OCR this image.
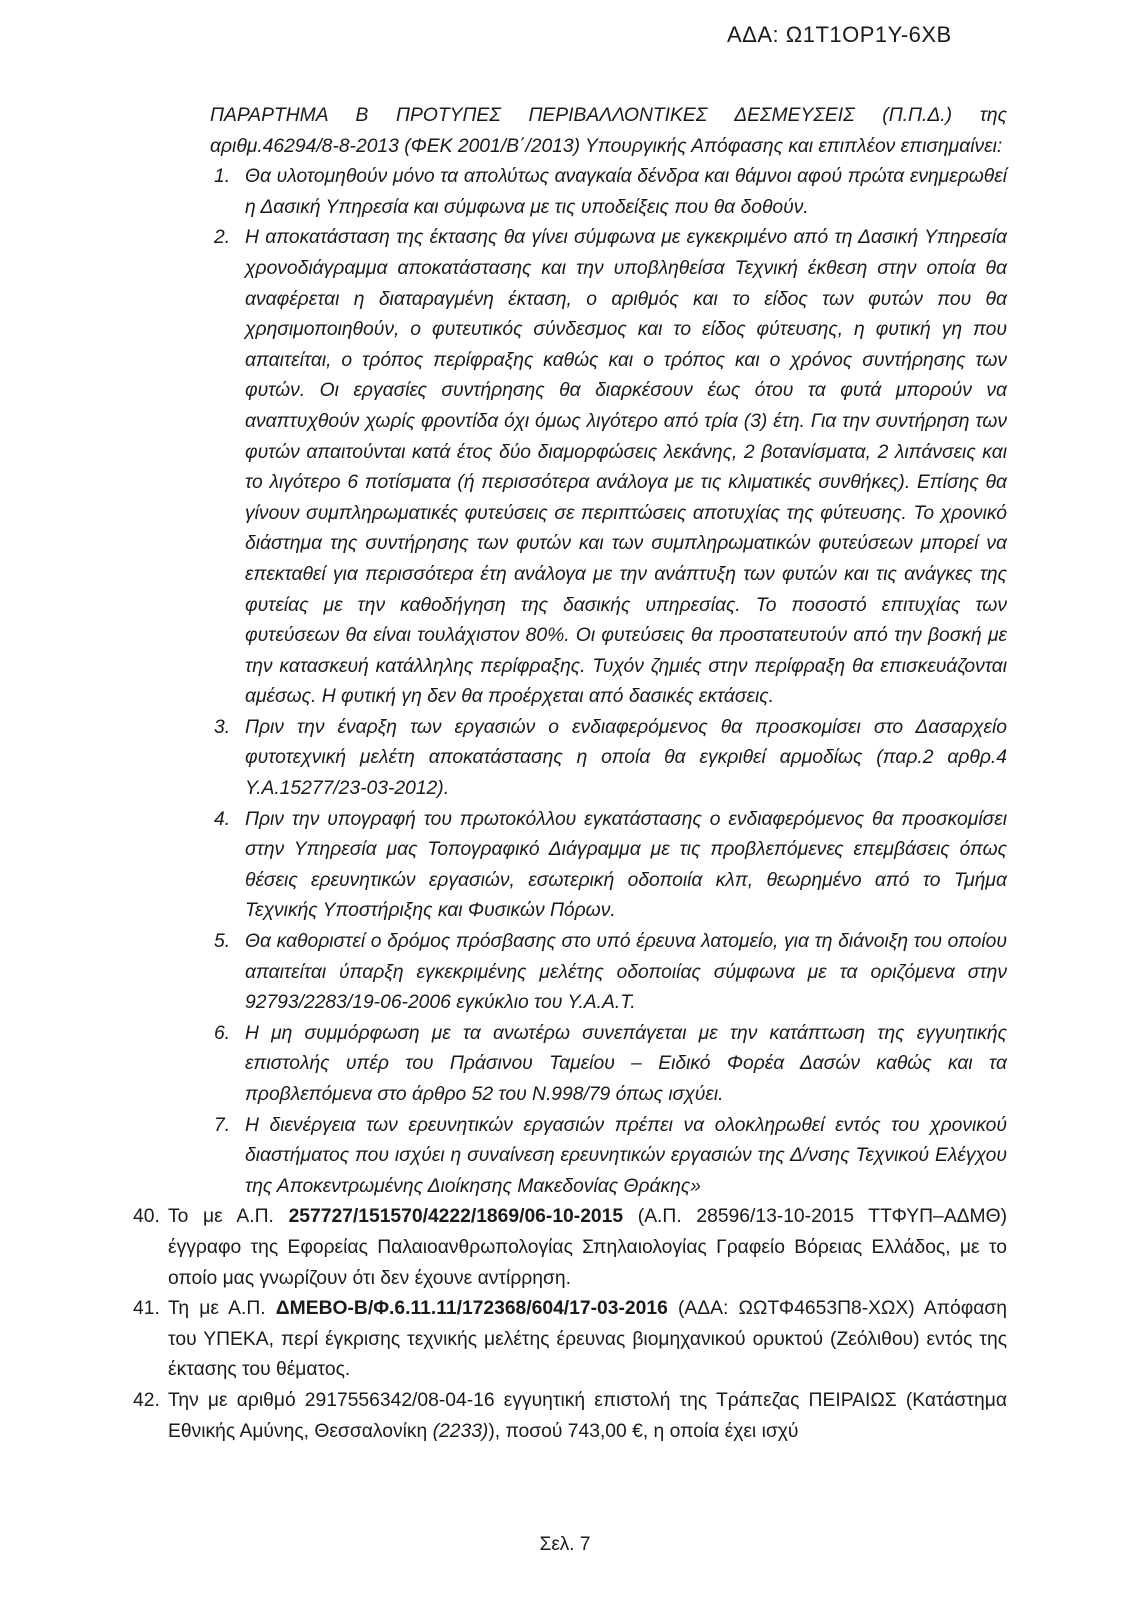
ΑΔΑ: Ω1Τ1ΟΡ1Υ-6ΧΒ

ΠΑΡΑΡΤΗΜΑ Β ΠΡΟΤΥΠΕΣ ΠΕΡΙΒΑΛΛΟΝΤΙΚΕΣ ΔΕΣΜΕΥΣΕΙΣ (Π.Π.Δ.) της αριθμ.46294/8-8-2013 (ΦΕΚ 2001/Β΄/2013) Υπουργικής Απόφασης και επιπλέον επισημαίνει:

1. Θα υλοτομηθούν μόνο τα απολύτως αναγκαία δένδρα και θάμνοι αφού πρώτα ενημερωθεί η Δασική Υπηρεσία και σύμφωνα με τις υποδείξεις που θα δοθούν.
2. Η αποκατάσταση της έκτασης θα γίνει σύμφωνα με εγκεκριμένο από τη Δασική Υπηρεσία χρονοδιάγραμμα αποκατάστασης και την υποβληθείσα Τεχνική έκθεση στην οποία θα αναφέρεται η διαταραγμένη έκταση, ο αριθμός και το είδος των φυτών που θα χρησιμοποιηθούν, ο φυτευτικός σύνδεσμος και το είδος φύτευσης, η φυτική γη που απαιτείται, ο τρόπος περίφραξης καθώς και ο τρόπος και ο χρόνος συντήρησης των φυτών. Οι εργασίες συντήρησης θα διαρκέσουν έως ότου τα φυτά μπορούν να αναπτυχθούν χωρίς φροντίδα όχι όμως λιγότερο από τρία (3) έτη. Για την συντήρηση των φυτών απαιτούνται κατά έτος δύο διαμορφώσεις λεκάνης, 2 βοτανίσματα, 2 λιπάνσεις και το λιγότερο 6 ποτίσματα (ή περισσότερα ανάλογα με τις κλιματικές συνθήκες). Επίσης θα γίνουν συμπληρωματικές φυτεύσεις σε περιπτώσεις αποτυχίας της φύτευσης. Το χρονικό διάστημα της συντήρησης των φυτών και των συμπληρωματικών φυτεύσεων μπορεί να επεκταθεί για περισσότερα έτη ανάλογα με την ανάπτυξη των φυτών και τις ανάγκες της φυτείας με την καθοδήγηση της δασικής υπηρεσίας. Το ποσοστό επιτυχίας των φυτεύσεων θα είναι τουλάχιστον 80%. Οι φυτεύσεις θα προστατευτούν από την βοσκή με την κατασκευή κατάλληλης περίφραξης. Τυχόν ζημιές στην περίφραξη θα επισκευάζονται αμέσως. Η φυτική γη δεν θα προέρχεται από δασικές εκτάσεις.
3. Πριν την έναρξη των εργασιών ο ενδιαφερόμενος θα προσκομίσει στο Δασαρχείο φυτοτεχνική μελέτη αποκατάστασης η οποία θα εγκριθεί αρμοδίως (παρ.2 αρθρ.4 Υ.Α.15277/23-03-2012).
4. Πριν την υπογραφή του πρωτοκόλλου εγκατάστασης ο ενδιαφερόμενος θα προσκομίσει στην Υπηρεσία μας Τοπογραφικό Διάγραμμα με τις προβλεπόμενες επεμβάσεις όπως θέσεις ερευνητικών εργασιών, εσωτερική οδοποιία κλπ, θεωρημένο από το Τμήμα Τεχνικής Υποστήριξης και Φυσικών Πόρων.
5. Θα καθοριστεί ο δρόμος πρόσβασης στο υπό έρευνα λατομείο, για τη διάνοιξη του οποίου απαιτείται ύπαρξη εγκεκριμένης μελέτης οδοποιίας σύμφωνα με τα οριζόμενα στην 92793/2283/19-06-2006 εγκύκλιο του Υ.Α.Α.Τ.
6. Η μη συμμόρφωση με τα ανωτέρω συνεπάγεται με την κατάπτωση της εγγυητικής επιστολής υπέρ του Πράσινου Ταμείου – Ειδικό Φορέα Δασών καθώς και τα προβλεπόμενα στο άρθρο 52 του Ν.998/79 όπως ισχύει.
7. Η διενέργεια των ερευνητικών εργασιών πρέπει να ολοκληρωθεί εντός του χρονικού διαστήματος που ισχύει η συναίνεση ερευνητικών εργασιών της Δ/νσης Τεχνικού Ελέγχου της Αποκεντρωμένης Διοίκησης Μακεδονίας Θράκης»
40. Το με Α.Π. 257727/151570/4222/1869/06-10-2015 (Α.Π. 28596/13-10-2015 ΤΤΦΥΠ–ΑΔΜΘ) έγγραφο της Εφορείας Παλαιοανθρωπολογίας Σπηλαιολογίας Γραφείο Βόρειας Ελλάδος, με το οποίο μας γνωρίζουν ότι δεν έχουνε αντίρρηση.
41. Τη με Α.Π. ΔΜΕΒΟ-Β/Φ.6.11.11/172368/604/17-03-2016 (ΑΔΑ: ΩΩΤΦ4653Π8-ΧΩΧ) Απόφαση του ΥΠΕΚΑ, περί έγκρισης τεχνικής μελέτης έρευνας βιομηχανικού ορυκτού (Ζεόλιθου) εντός της έκτασης του θέματος.
42. Την με αριθμό 2917556342/08-04-16 εγγυητική επιστολή της Τράπεζας ΠΕΙΡΑΙΩΣ (Κατάστημα Εθνικής Αμύνης, Θεσσαλονίκη (2233)), ποσού 743,00 €, η οποία έχει ισχύ
Σελ. 7
